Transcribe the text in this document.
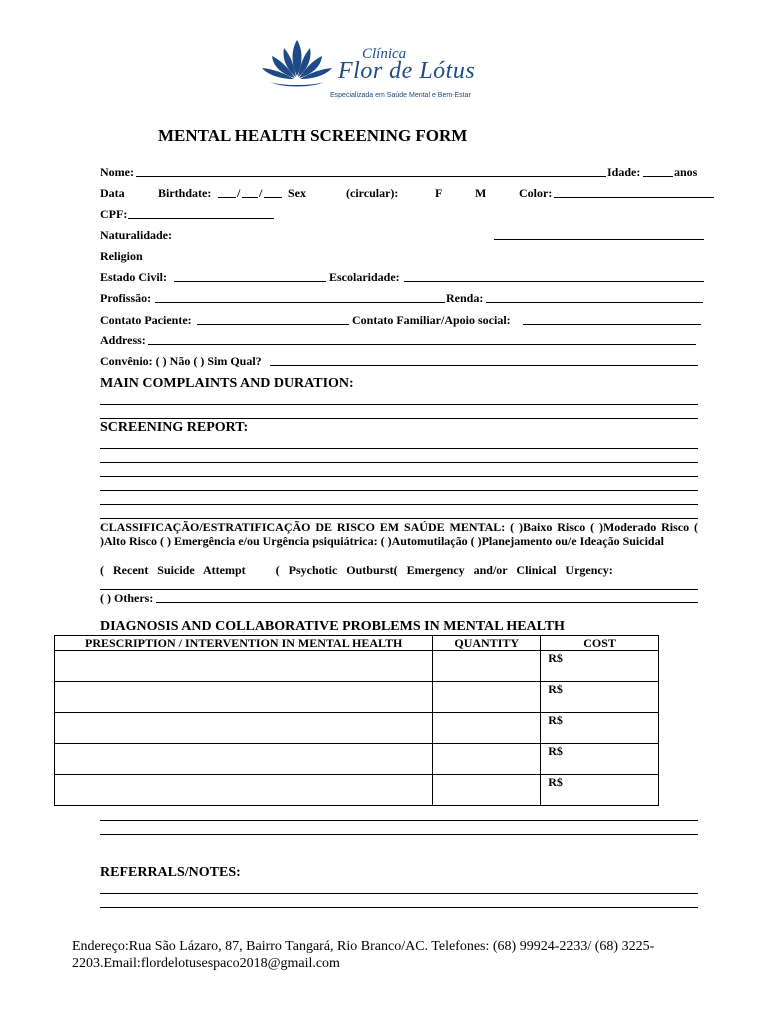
Clínica
Flor de Lótus
Especializada em Saúde Mental e Bem-Estar
MENTAL HEALTH SCREENING FORM
Nome:	Idade:	anos
Data	Birthdate: / / Sex	(circular):	F	M	Color:
CPF:
Naturalidade:
Religion
Estado Civil:	Escolaridade:
Profissão:	Renda:
Contato Paciente:	Contato Familiar/Apoio social:
Address:
Convênio: ( ) Não ( ) Sim Qual?
MAIN COMPLAINTS AND DURATION:
SCREENING REPORT:
CLASSIFICAÇÃO/ESTRATIFICAÇÃO DE RISCO EM SAÚDE MENTAL: ( )Baixo Risco ( )Moderado Risco ( )Alto Risco ( ) Emergência e/ou Urgência psiquiátrica: ( )Automutilação ( )Planejamento ou/e Ideação Suicidal
(   Recent   Suicide   Attempt          (   Psychotic   Outburst(   Emergency   and/or   Clinical   Urgency:
( ) Others:
DIAGNOSIS AND COLLABORATIVE PROBLEMS IN MENTAL HEALTH
PRESCRIPTION / INTERVENTION IN MENTAL HEALTH	QUANTITY	COST
		R$
		R$
		R$
		R$
		R$
REFERRALS/NOTES:
Endereço:Rua São Lázaro, 87, Bairro Tangará, Rio Branco/AC. Telefones: (68) 99924-2233/ (68) 3225-2203.Email:flordelotusespaco2018@gmail.com
